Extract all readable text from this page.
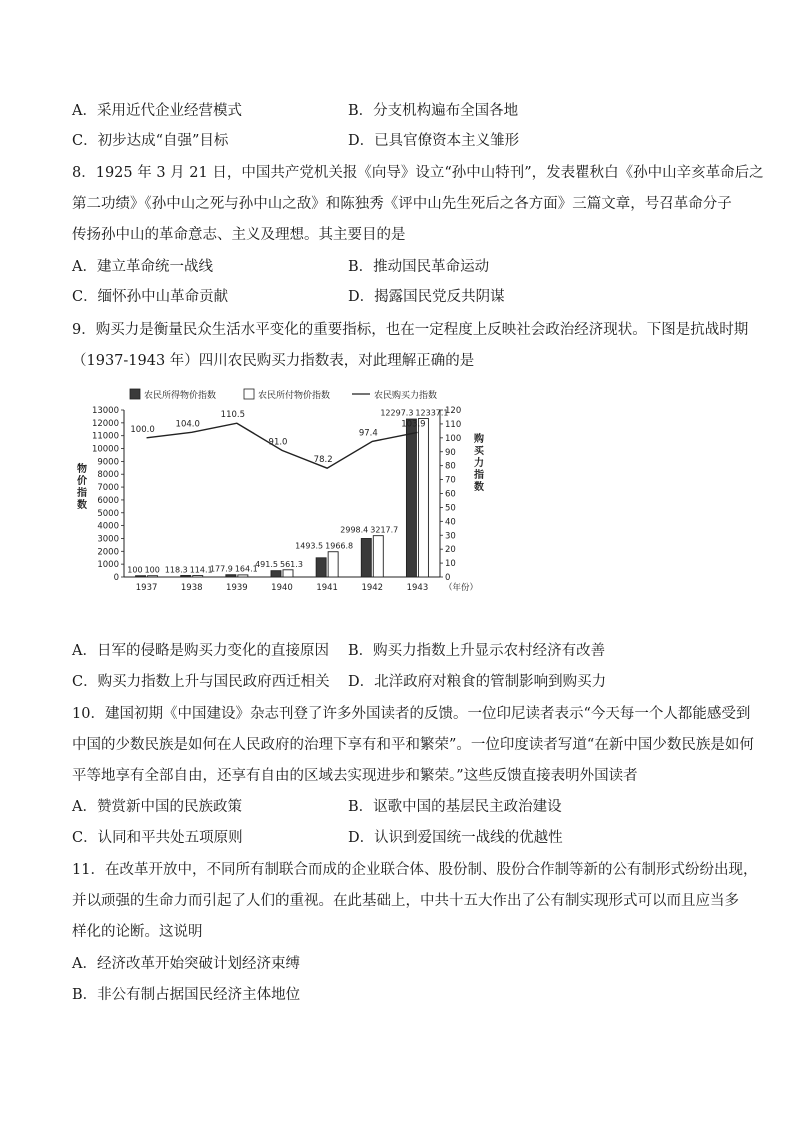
A．采用近代企业经营模式	B．分支机构遍布全国各地
C．初步达成“自强”目标	D．已具官僚资本主义雏形
8．1925 年 3 月 21 日，中国共产党机关报《向导》设立“孙中山特刊”，发表瞿秋白《孙中山辛亥革命后之
第二功绩》《孙中山之死与孙中山之敌》和陈独秀《评中山先生死后之各方面》三篇文章，号召革命分子
传扬孙中山的革命意志、主义及理想。其主要目的是
A．建立革命统一战线	B．推动国民革命运动
C．缅怀孙中山革命贡献	D．揭露国民党反共阴谋
9．购买力是衡量民众生活水平变化的重要指标，也在一定程度上反映社会政治经济现状。下图是抗战时期
（1937-1943 年）四川农民购买力指数表，对此理解正确的是
农民所得物价指数	农民所付物价指数	农民购买力指数
0
1000
2000
3000
4000
5000
6000
7000
8000
9000
10000
11000
12000
13000
0
10
20
30
40
50
60
70
80
90
100
110
120
物
价
指
数
购
买
力
指
数
100 100
1937
118.3 114.1
1938
177.9 164.1
1939
491.5 561.3
1940
1493.5 1966.8
1941
2998.4 3217.7
1942
12297.3 12337.1
1943 （年份）
100.0
104.0
110.5
91.0
78.2
97.4
103.9
A．日军的侵略是购买力变化的直接原因 B．购买力指数上升显示农村经济有改善
C．购买力指数上升与国民政府西迁相关 D．北洋政府对粮食的管制影响到购买力
10．建国初期《中国建设》杂志刊登了许多外国读者的反馈。一位印尼读者表示“今天每一个人都能感受到
中国的少数民族是如何在人民政府的治理下享有和平和繁荣”。一位印度读者写道“在新中国少数民族是如何
平等地享有全部自由，还享有自由的区域去实现进步和繁荣。”这些反馈直接表明外国读者
A．赞赏新中国的民族政策	B．讴歌中国的基层民主政治建设
C．认同和平共处五项原则	D．认识到爱国统一战线的优越性
11．在改革开放中，不同所有制联合而成的企业联合体、股份制、股份合作制等新的公有制形式纷纷出现，
并以顽强的生命力而引起了人们的重视。在此基础上，中共十五大作出了公有制实现形式可以而且应当多
样化的论断。这说明
A．经济改革开始突破计划经济束缚
B．非公有制占据国民经济主体地位
